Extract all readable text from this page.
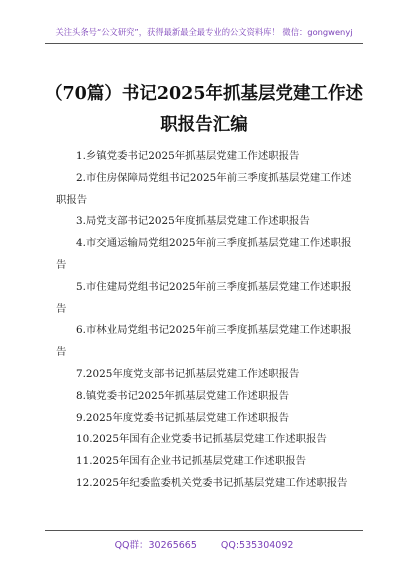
关注头条号“公文研究”，获得最新最全最专业的公文资料库！ 微信：gongwenyj
（70篇）书记2025年抓基层党建工作述职报告汇编
1.乡镇党委书记2025年抓基层党建工作述职报告
2.市住房保障局党组书记2025年前三季度抓基层党建工作述职报告
3.局党支部书记2025年度抓基层党建工作述职报告
4.市交通运输局党组2025年前三季度抓基层党建工作述职报告
5.市住建局党组书记2025年前三季度抓基层党建工作述职报告
6.市林业局党组书记2025年前三季度抓基层党建工作述职报告
7.2025年度党支部书记抓基层党建工作述职报告
8.镇党委书记2025年抓基层党建工作述职报告
9.2025年度党委书记抓基层党建工作述职报告
10.2025年国有企业党委书记抓基层党建工作述职报告
11.2025年国有企业书记抓基层党建工作述职报告
12.2025年纪委监委机关党委书记抓基层党建工作述职报告
QQ群：30265665	QQ:535304092
